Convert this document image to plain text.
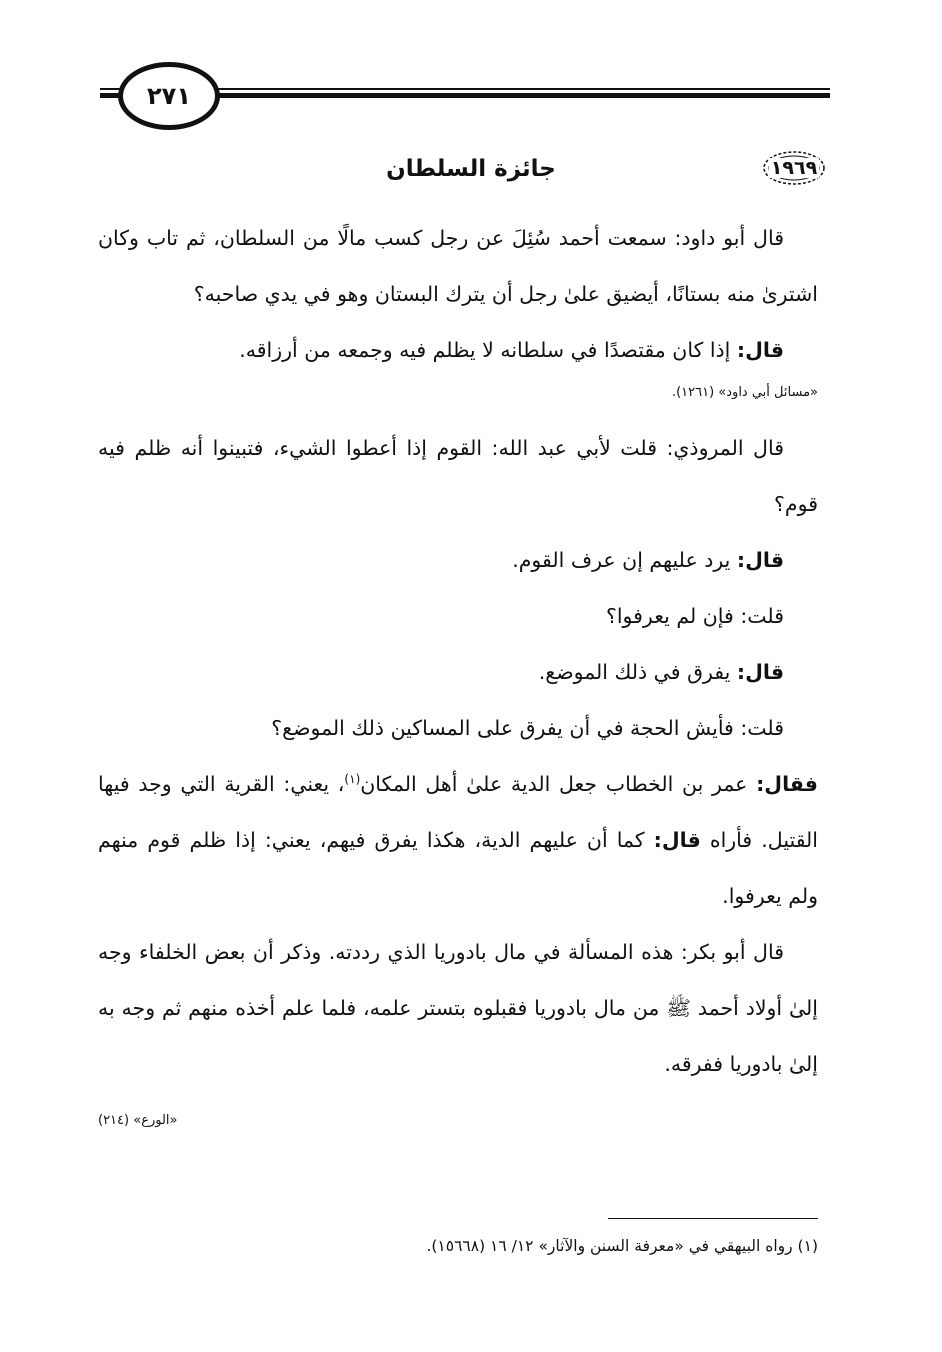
٢٧١
١٩٦٩
جائزة السلطان

قال أبو داود: سمعت أحمد سُئِلَ عن رجل كسب مالًا من السلطان، ثم تاب وكان اشترىٰ منه بستانًا، أيضيق علىٰ رجل أن يترك البستان وهو في يدي صاحبه؟

قال: إذا كان مقتصدًا في سلطانه لا يظلم فيه وجمعه من أرزاقه.

«مسائل أبي داود» (١٢٦١).

قال المروذي: قلت لأبي عبد الله: القوم إذا أعطوا الشيء، فتبينوا أنه ظلم فيه قوم؟

قال: يرد عليهم إن عرف القوم.

قلت: فإن لم يعرفوا؟

قال: يفرق في ذلك الموضع.

قلت: فأيش الحجة في أن يفرق على المساكين ذلك الموضع؟

فقال: عمر بن الخطاب جعل الدية علىٰ أهل المكان$^{(١)}$، يعني: القرية التي وجد فيها القتيل. فأراه قال: كما أن عليهم الدية، هكذا يفرق فيهم، يعني: إذا ظلم قوم منهم ولم يعرفوا.

قال أبو بكر: هذه المسألة في مال بادوريا الذي رددته. وذكر أن بعض الخلفاء وجه إلىٰ أولاد أحمد ﷺ من مال بادوريا فقبلوه بتستر علمه، فلما علم أخذه منهم ثم وجه به إلىٰ بادوريا ففرقه.

«الورع» (٢١٤)

(١) رواه البيهقي في «معرفة السنن والآثار» ١٢/ ١٦ (١٥٦٦٨).
